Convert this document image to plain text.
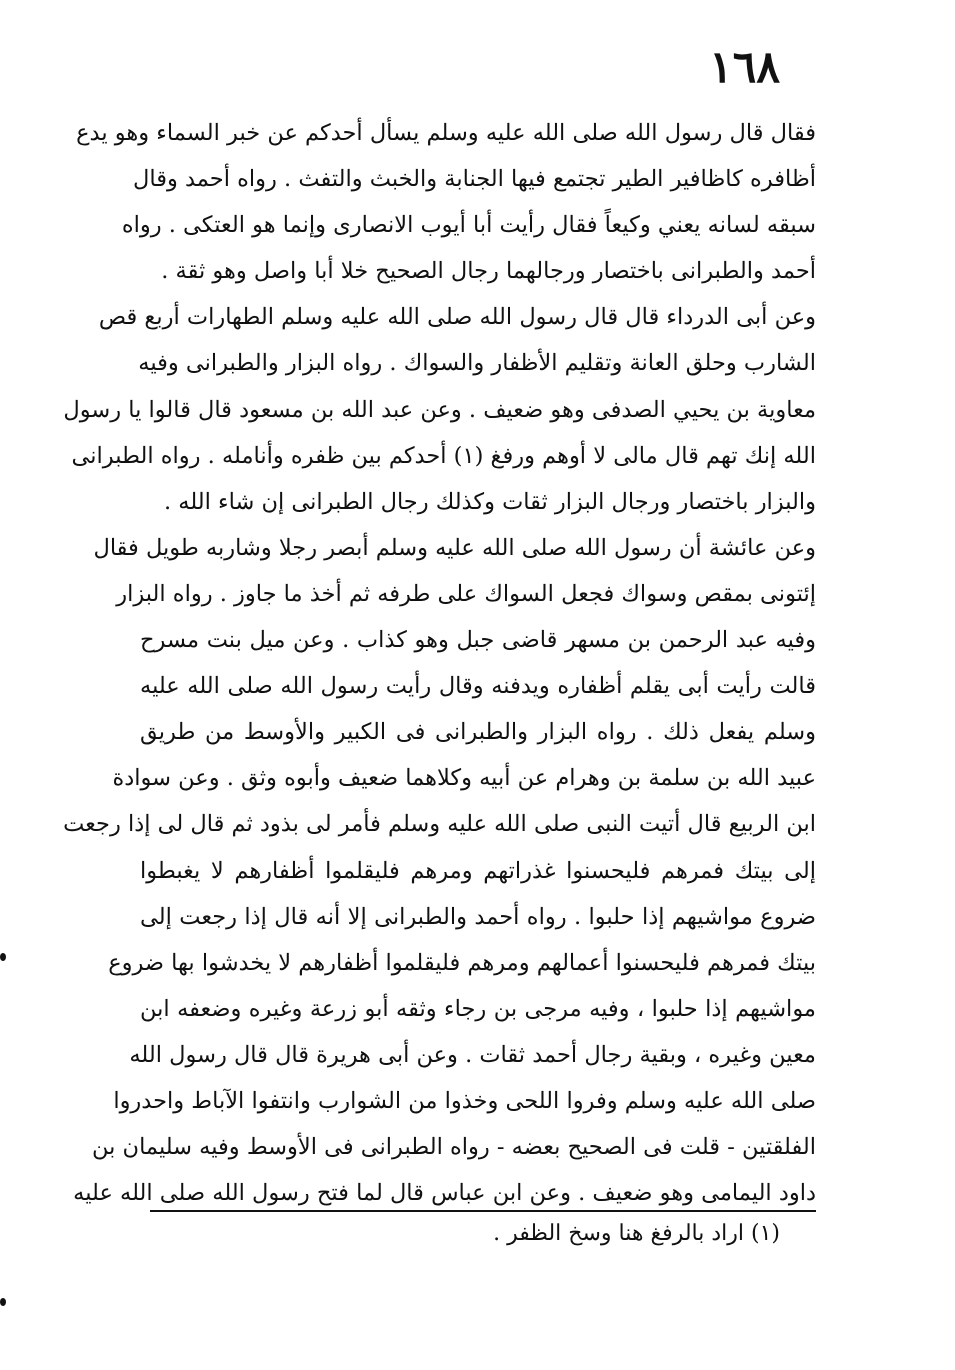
١٦٨
فقال قال رسول الله صلى الله عليه وسلم يسأل أحدكم عن خبر السماء وهو يدع
أظافره كاظافير الطير تجتمع فيها الجنابة والخبث والتفث . رواه أحمد وقال
سبقه لسانه يعني وكيعاً فقال رأيت أبا أيوب الانصارى وإنما هو العتكى . رواه
أحمد والطبرانى باختصار ورجالهما رجال الصحيح خلا أبا واصل وهو ثقة .
وعن أبى الدرداء قال قال رسول الله صلى الله عليه وسلم الطهارات أربع قص
الشارب وحلق العانة وتقليم الأظفار والسواك . رواه البزار والطبرانى وفيه
معاوية بن يحيي الصدفى وهو ضعيف . وعن عبد الله بن مسعود قال قالوا يا رسول
الله إنك تهم قال مالى لا أوهم ورفغ (١) أحدكم بين ظفره وأنامله . رواه الطبرانى
والبزار باختصار ورجال البزار ثقات وكذلك رجال الطبرانى إن شاء الله .
وعن عائشة أن رسول الله صلى الله عليه وسلم أبصر رجلا وشاربه طويل فقال
إئتونى بمقص وسواك فجعل السواك على طرفه ثم أخذ ما جاوز . رواه البزار
وفيه عبد الرحمن بن مسهر قاضى جبل وهو كذاب . وعن ميل بنت مسرح
قالت رأيت أبى يقلم أظفاره ويدفنه وقال رأيت رسول الله صلى الله عليه
وسلم يفعل ذلك . رواه البزار والطبرانى فى الكبير والأوسط من طريق
عبيد الله بن سلمة بن وهرام عن أبيه وكلاهما ضعيف وأبوه وثق . وعن سوادة
ابن الربيع قال أتيت النبى صلى الله عليه وسلم فأمر لى بذود ثم قال لى إذا رجعت
إلى بيتك فمرهم فليحسنوا غذراتهم ومرهم فليقلموا أظفارهم لا يغبطوا
ضروع مواشيهم إذا حلبوا . رواه أحمد والطبرانى إلا أنه قال إذا رجعت إلى
بيتك فمرهم فليحسنوا أعمالهم ومرهم فليقلموا أظفارهم لا يخدشوا بها ضروع
مواشيهم إذا حلبوا ، وفيه مرجى بن رجاء وثقه أبو زرعة وغيره وضعفه ابن
معين وغيره ، وبقية رجال أحمد ثقات . وعن أبى هريرة قال قال رسول الله
صلى الله عليه وسلم وفروا اللحى وخذوا من الشوارب وانتفوا الآباط واحدروا
الفلقتين - قلت فى الصحيح بعضه - رواه الطبرانى فى الأوسط وفيه سليمان بن
داود اليمامى وهو ضعيف . وعن ابن عباس قال لما فتح رسول الله صلى الله عليه
(١) اراد بالرفغ هنا وسخ الظفر .
